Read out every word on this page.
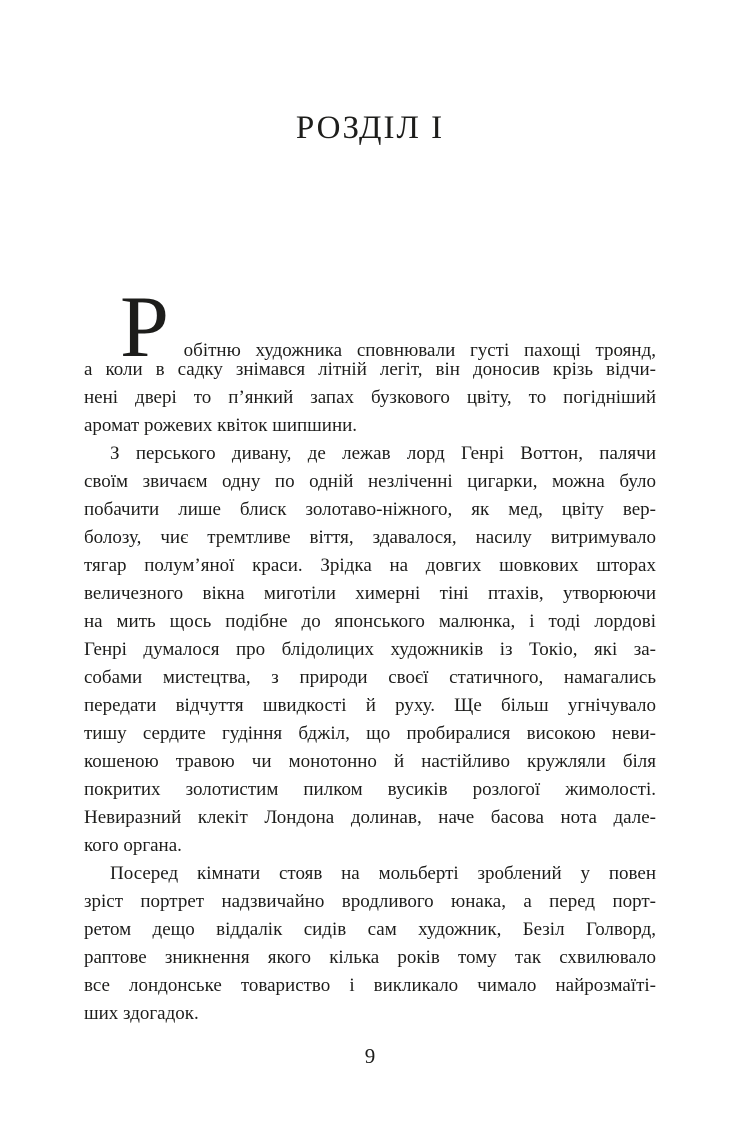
РОЗДІЛ І
Р обітню художника сповнювали густі пахощі троянд,
а коли в садку знімався літній легіт, він доносив крізь відчи-
нені двері то п’янкий запах бузкового цвіту, то погідніший
аромат рожевих квіток шипшини.
З перського дивану, де лежав лорд Генрі Воттон, палячи
своїм звичаєм одну по одній незліченні цигарки, можна було
побачити лише блиск золотаво-ніжного, як мед, цвіту вер-
болозу, чиє тремтливе віття, здавалося, насилу витримувало
тягар полум’яної краси. Зрідка на довгих шовкових шторах
величезного вікна миготіли химерні тіні птахів, утворюючи
на мить щось подібне до японського малюнка, і тоді лордові
Генрі думалося про блідолицих художників із Токіо, які за-
собами мистецтва, з природи своєї статичного, намагались
передати відчуття швидкості й руху. Ще більш угнічувало
тишу сердите гудіння бджіл, що пробиралися високою неви-
кошеною травою чи монотонно й настійливо кружляли біля
покритих золотистим пилком вусиків розлогої жимолості.
Невиразний клекіт Лондона долинав, наче басова нота дале-
кого органа.
Посеред кімнати стояв на мольберті зроблений у повен
зріст портрет надзвичайно вродливого юнака, а перед порт-
ретом дещо віддалік сидів сам художник, Безіл Голворд,
раптове зникнення якого кілька років тому так схвилювало
все лондонське товариство і викликало чимало найрозмаїті-
ших здогадок.
9
